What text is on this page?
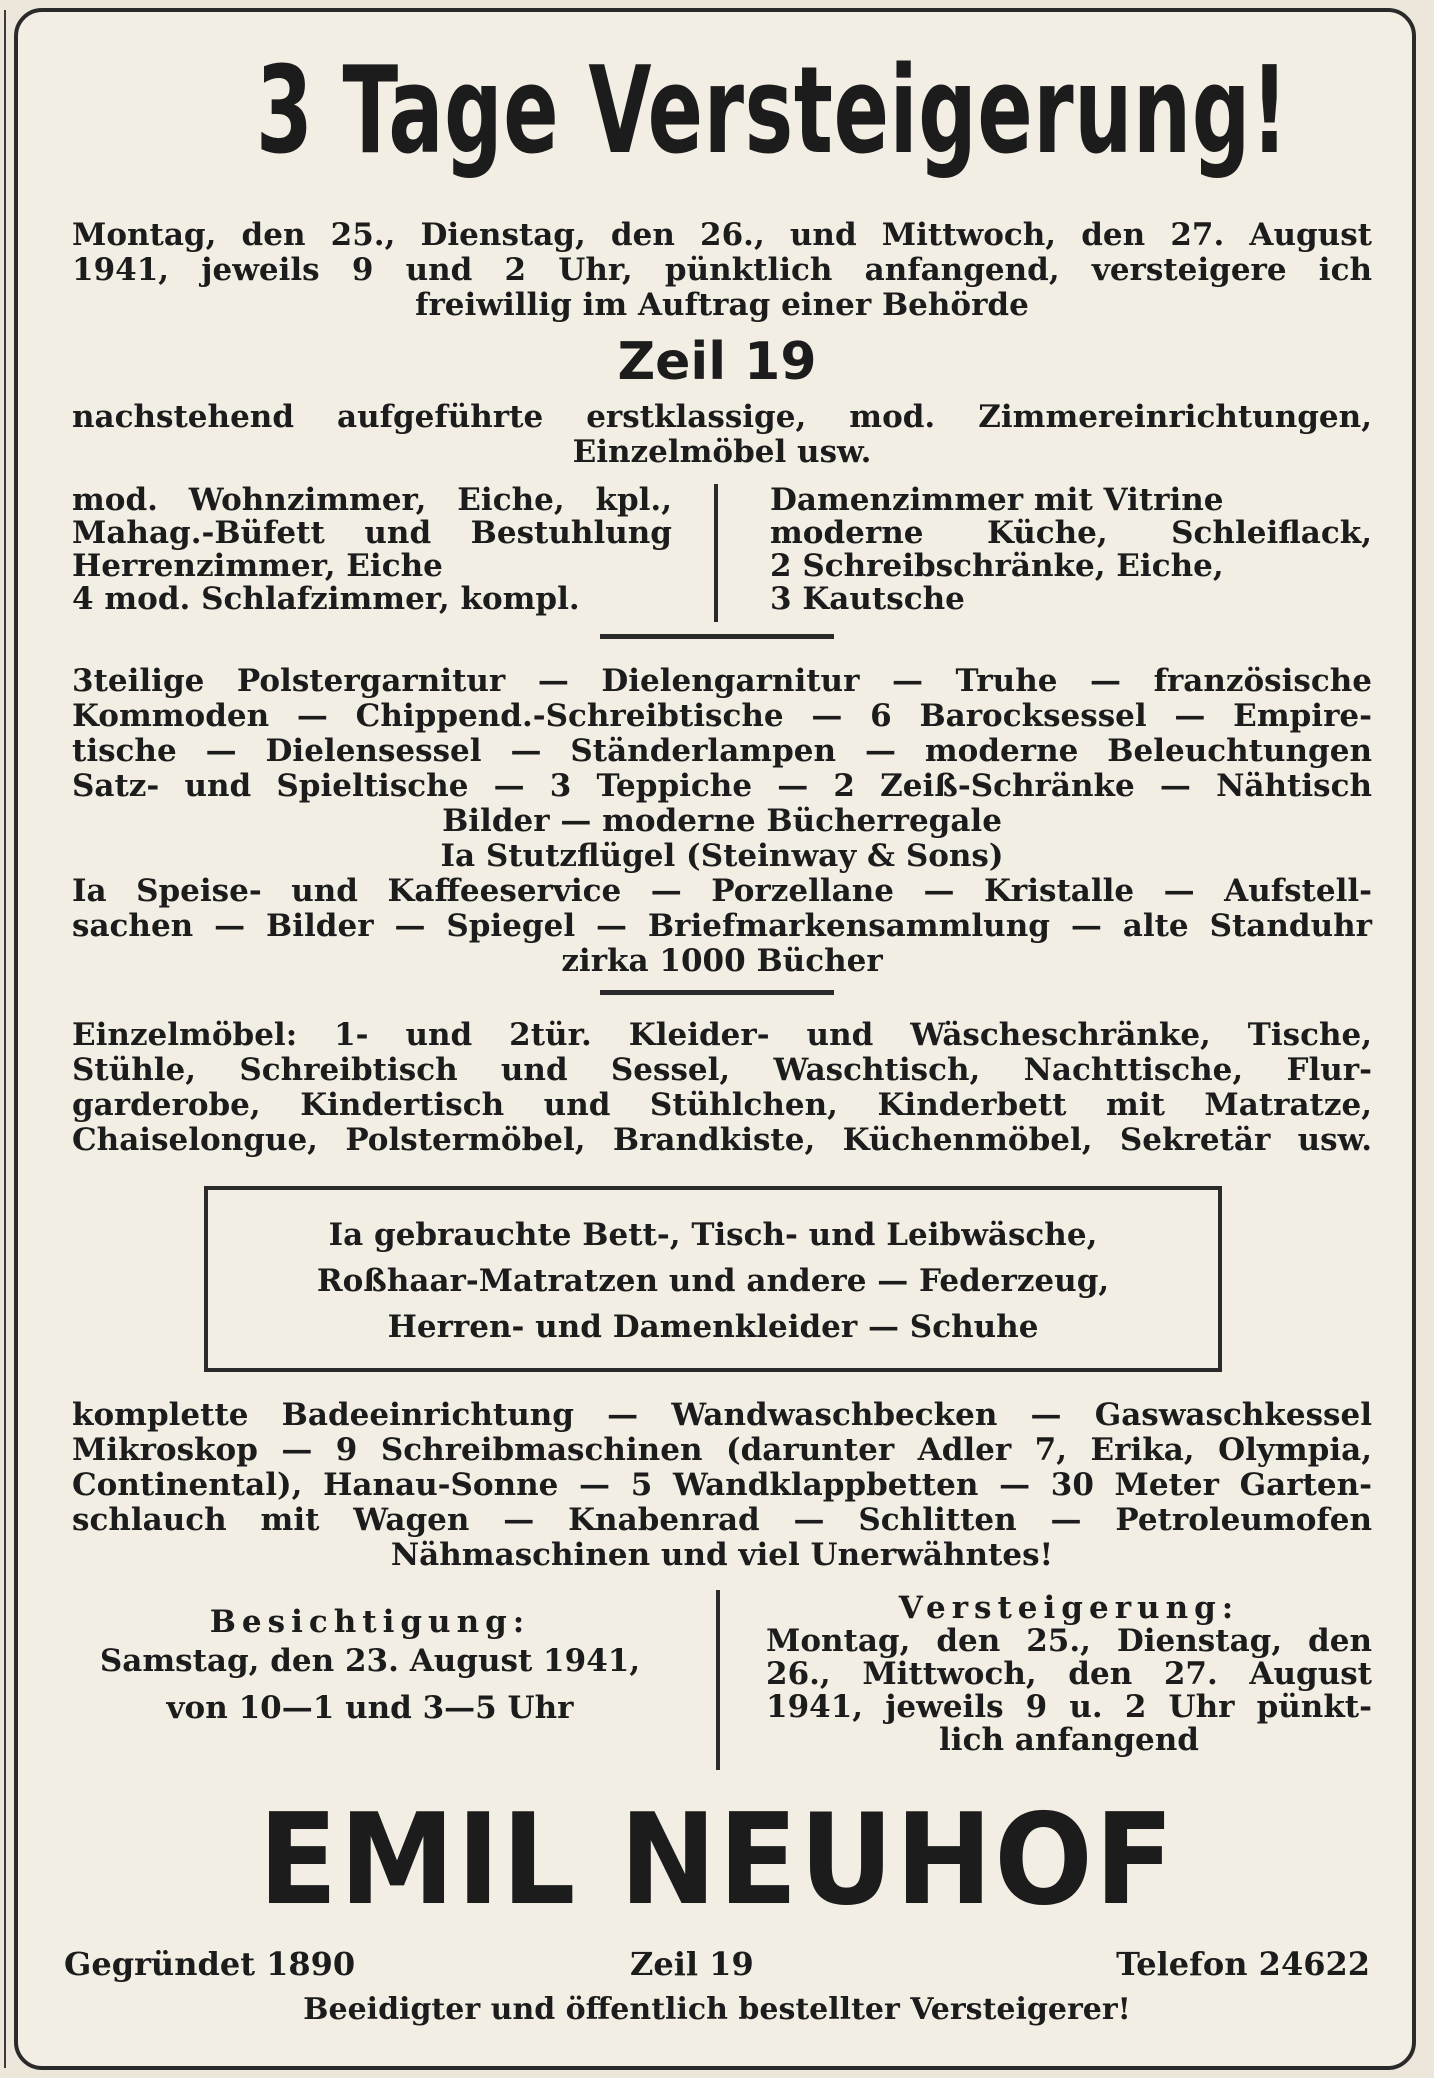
3 Tage Versteigerung!
Montag, den 25., Dienstag, den 26., und Mittwoch, den 27. August
1941, jeweils 9 und 2 Uhr, pünktlich anfangend, versteigere ich
freiwillig im Auftrag einer Behörde
Zeil 19
nachstehend aufgeführte erstklassige, mod. Zimmereinrichtungen,
Einzelmöbel usw.
mod. Wohnzimmer, Eiche, kpl.,
Mahag.-Büfett und Bestuhlung
Herrenzimmer, Eiche
4 mod. Schlafzimmer, kompl.
Damenzimmer mit Vitrine
moderne Küche, Schleiflack,
2 Schreibschränke, Eiche,
3 Kautsche
3teilige Polstergarnitur — Dielengarnitur — Truhe — französische
Kommoden — Chippend.-Schreibtische — 6 Barocksessel — Empire-
tische — Dielensessel — Ständerlampen — moderne Beleuchtungen
Satz- und Spieltische — 3 Teppiche — 2 Zeiß-Schränke — Nähtisch
Bilder — moderne Bücherregale
Ia Stutzflügel (Steinway & Sons)
Ia Speise- und Kaffeeservice — Porzellane — Kristalle — Aufstell-
sachen — Bilder — Spiegel — Briefmarkensammlung — alte Standuhr
zirka 1000 Bücher
Einzelmöbel: 1- und 2tür. Kleider- und Wäscheschränke, Tische,
Stühle, Schreibtisch und Sessel, Waschtisch, Nachttische, Flur-
garderobe, Kindertisch und Stühlchen, Kinderbett mit Matratze,
Chaiselongue, Polstermöbel, Brandkiste, Küchenmöbel, Sekretär usw.
Ia gebrauchte Bett-, Tisch- und Leibwäsche,
Roßhaar-Matratzen und andere — Federzeug,
Herren- und Damenkleider — Schuhe
komplette Badeeinrichtung — Wandwaschbecken — Gaswaschkessel
Mikroskop — 9 Schreibmaschinen (darunter Adler 7, Erika, Olympia,
Continental), Hanau-Sonne — 5 Wandklappbetten — 30 Meter Garten-
schlauch mit Wagen — Knabenrad — Schlitten — Petroleumofen
Nähmaschinen und viel Unerwähntes!
Besichtigung:
Samstag, den 23. August 1941,
von 10—1 und 3—5 Uhr
Versteigerung:
Montag, den 25., Dienstag, den
26., Mittwoch, den 27. August
1941, jeweils 9 u. 2 Uhr pünkt-
lich anfangend
EMIL NEUHOF
Gegründet 1890	Zeil 19	Telefon 24622
Beeidigter und öffentlich bestellter Versteigerer!
